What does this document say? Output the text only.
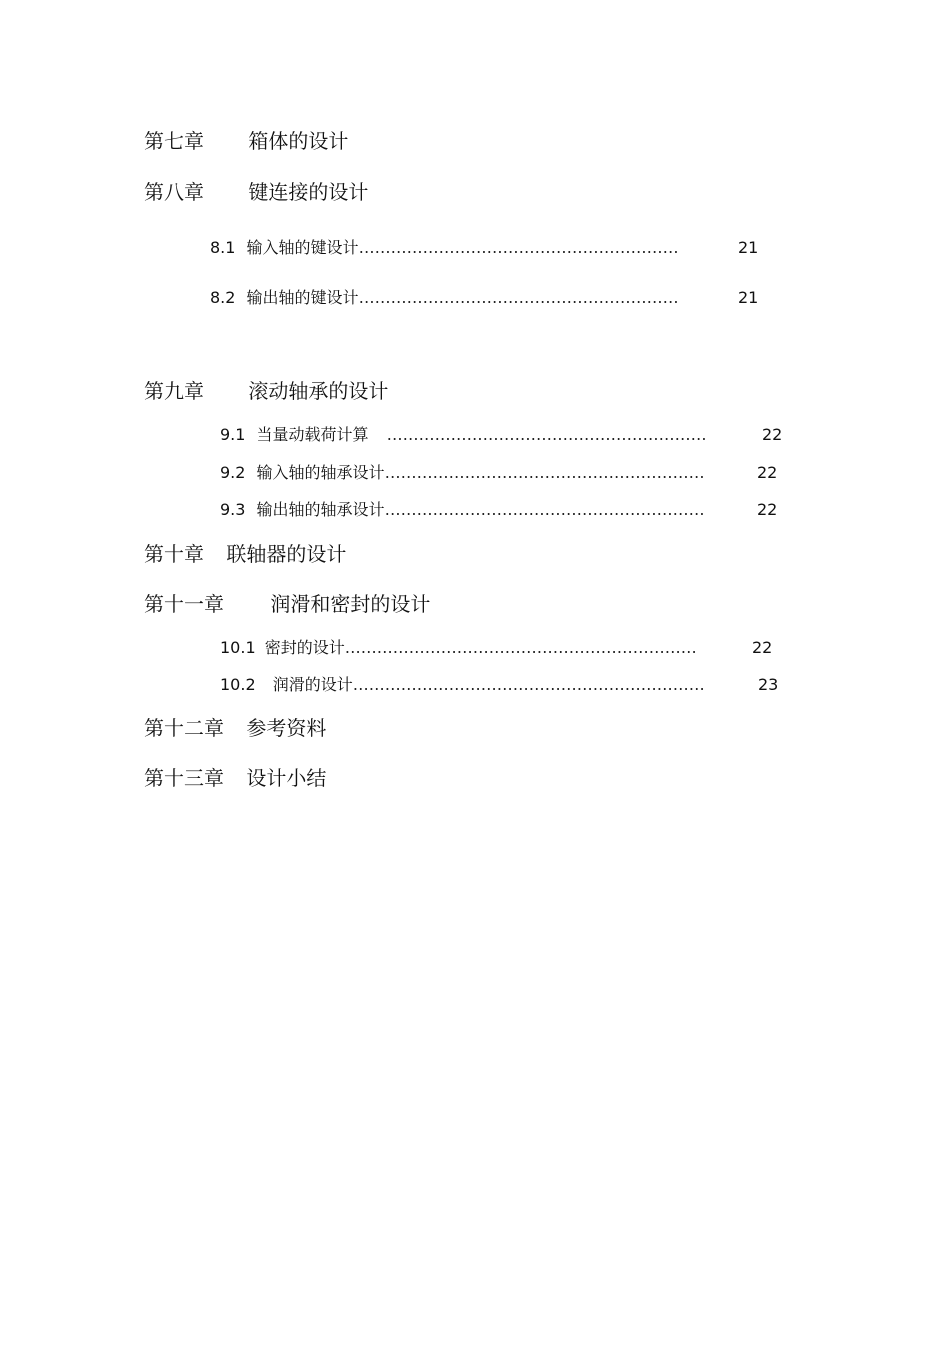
第七章 箱体的设计
第八章 键连接的设计
8.1 输入轴的键设计……………………………………………………	21
8.2 输出轴的键设计……………………………………………………	21
第九章 滚动轴承的设计
9.1 当量动载荷计算 ……………………………………………………	22
9.2 输入轴的轴承设计……………………………………………………	22
9.3 输出轴的轴承设计……………………………………………………	22
第十章 联轴器的设计
第十一章 润滑和密封的设计
10.1 密封的设计…………………………………………………………	22
10.2 润滑的设计…………………………………………………………	23
第十二章 参考资料
第十三章 设计小结
